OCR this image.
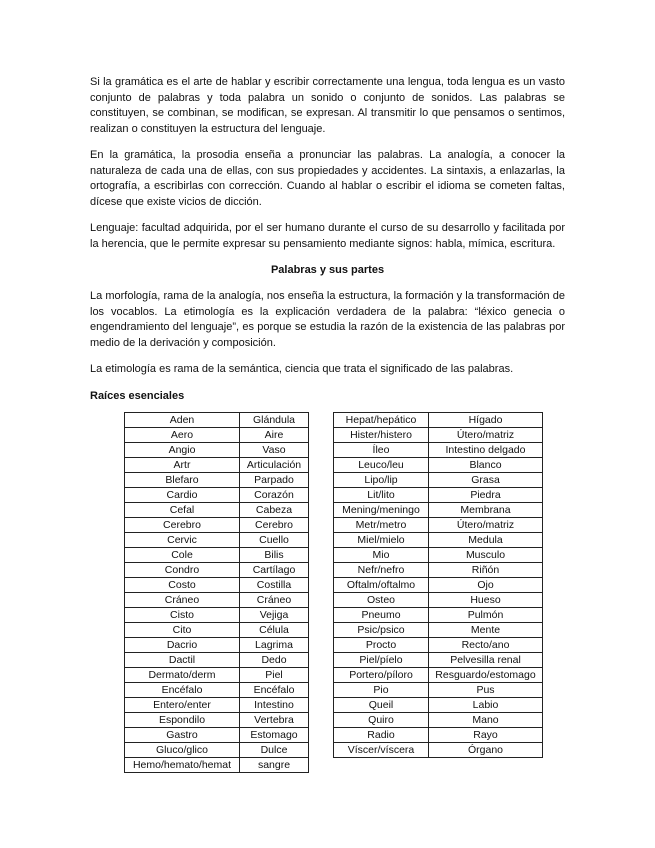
Si la gramática es el arte de hablar y escribir correctamente una lengua, toda lengua es un vasto conjunto de palabras y toda palabra un sonido o conjunto de sonidos. Las palabras se constituyen, se combinan, se modifican, se expresan. Al transmitir lo que pensamos o sentimos, realizan o constituyen la estructura del lenguaje.

En la gramática, la prosodia enseña a pronunciar las palabras. La analogía, a conocer la naturaleza de cada una de ellas, con sus propiedades y accidentes. La sintaxis, a enlazarlas, la ortografía, a escribirlas con corrección. Cuando al hablar o escribir el idioma se cometen faltas, dícese que existe vicios de dicción.

Lenguaje: facultad adquirida, por el ser humano durante el curso de su desarrollo y facilitada por la herencia, que le permite expresar su pensamiento mediante signos: habla, mímica, escritura.

Palabras y sus partes

La morfología, rama de la analogía, nos enseña la estructura, la formación y la transformación de los vocablos. La etimología es la explicación verdadera de la palabra: “léxico genecia o engendramiento del lenguaje”, es porque se estudia la razón de la existencia de las palabras por medio de la derivación y composición.

La etimología es rama de la semántica, ciencia que trata el significado de las palabras.

Raíces esenciales
Aden	Glándula
Aero	Aire
Angio	Vaso
Artr	Articulación
Blefaro	Parpado
Cardio	Corazón
Cefal	Cabeza
Cerebro	Cerebro
Cervic	Cuello
Cole	Bilis
Condro	Cartílago
Costo	Costilla
Cráneo	Cráneo
Cisto	Vejiga
Cito	Célula
Dacrio	Lagrima
Dactil	Dedo
Dermato/derm	Piel
Encéfalo	Encéfalo
Entero/enter	Intestino
Espondilo	Vertebra
Gastro	Estomago
Gluco/glico	Dulce
Hemo/hemato/hemat	sangre
Hepat/hepático	Hígado
Hister/histero	Útero/matriz
Íleo	Intestino delgado
Leuco/leu	Blanco
Lipo/lip	Grasa
Lit/lito	Piedra
Mening/meningo	Membrana
Metr/metro	Útero/matriz
Miel/mielo	Medula
Mio	Musculo
Nefr/nefro	Riñón
Oftalm/oftalmo	Ojo
Osteo	Hueso
Pneumo	Pulmón
Psic/psico	Mente
Procto	Recto/ano
Piel/píelo	Pelvesilla renal
Portero/píloro	Resguardo/estomago
Pio	Pus
Queil	Labio
Quiro	Mano
Radio	Rayo
Víscer/víscera	Órgano
